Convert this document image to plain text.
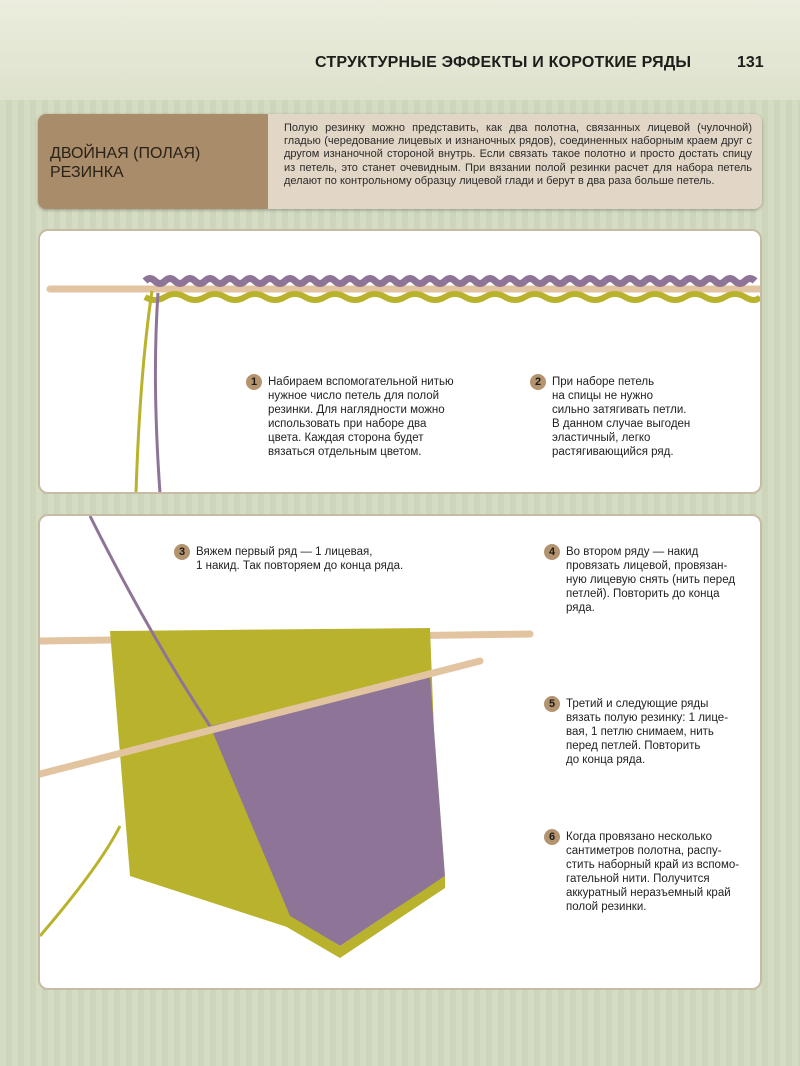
СТРУКТУРНЫЕ ЭФФЕКТЫ И КОРОТКИЕ РЯДЫ	131
ДВОЙНАЯ (ПОЛАЯ) РЕЗИНКА
Полую резинку можно представить, как два полотна, связанных лицевой (чулочной) гладью (чередование лицевых и изнаночных рядов), соединенных наборным краем друг с другом изнаночной стороной внутрь. Если связать такое полотно и просто достать спицу из петель, это станет очевидным. При вязании полой резинки расчет для набора петель делают по контрольному образцу лицевой глади и берут в два раза больше петель.
1 Набираем вспомогательной нитью
нужное число петель для полой
резинки. Для наглядности можно
использовать при наборе два
цвета. Каждая сторона будет
вязаться отдельным цветом.
2 При наборе петель
на спицы не нужно
сильно затягивать петли.
В данном случае выгоден
эластичный, легко
растягивающийся ряд.
3 Вяжем первый ряд — 1 лицевая,
1 накид. Так повторяем до конца ряда.
4 Во втором ряду — накид
провязать лицевой, провязан-
ную лицевую снять (нить перед
петлей). Повторить до конца
ряда.
5 Третий и следующие ряды
вязать полую резинку: 1 лице-
вая, 1 петлю снимаем, нить
перед петлей. Повторить
до конца ряда.
6 Когда провязано несколько
сантиметров полотна, распу-
стить наборный край из вспомо-
гательной нити. Получится
аккуратный неразъемный край
полой резинки.
